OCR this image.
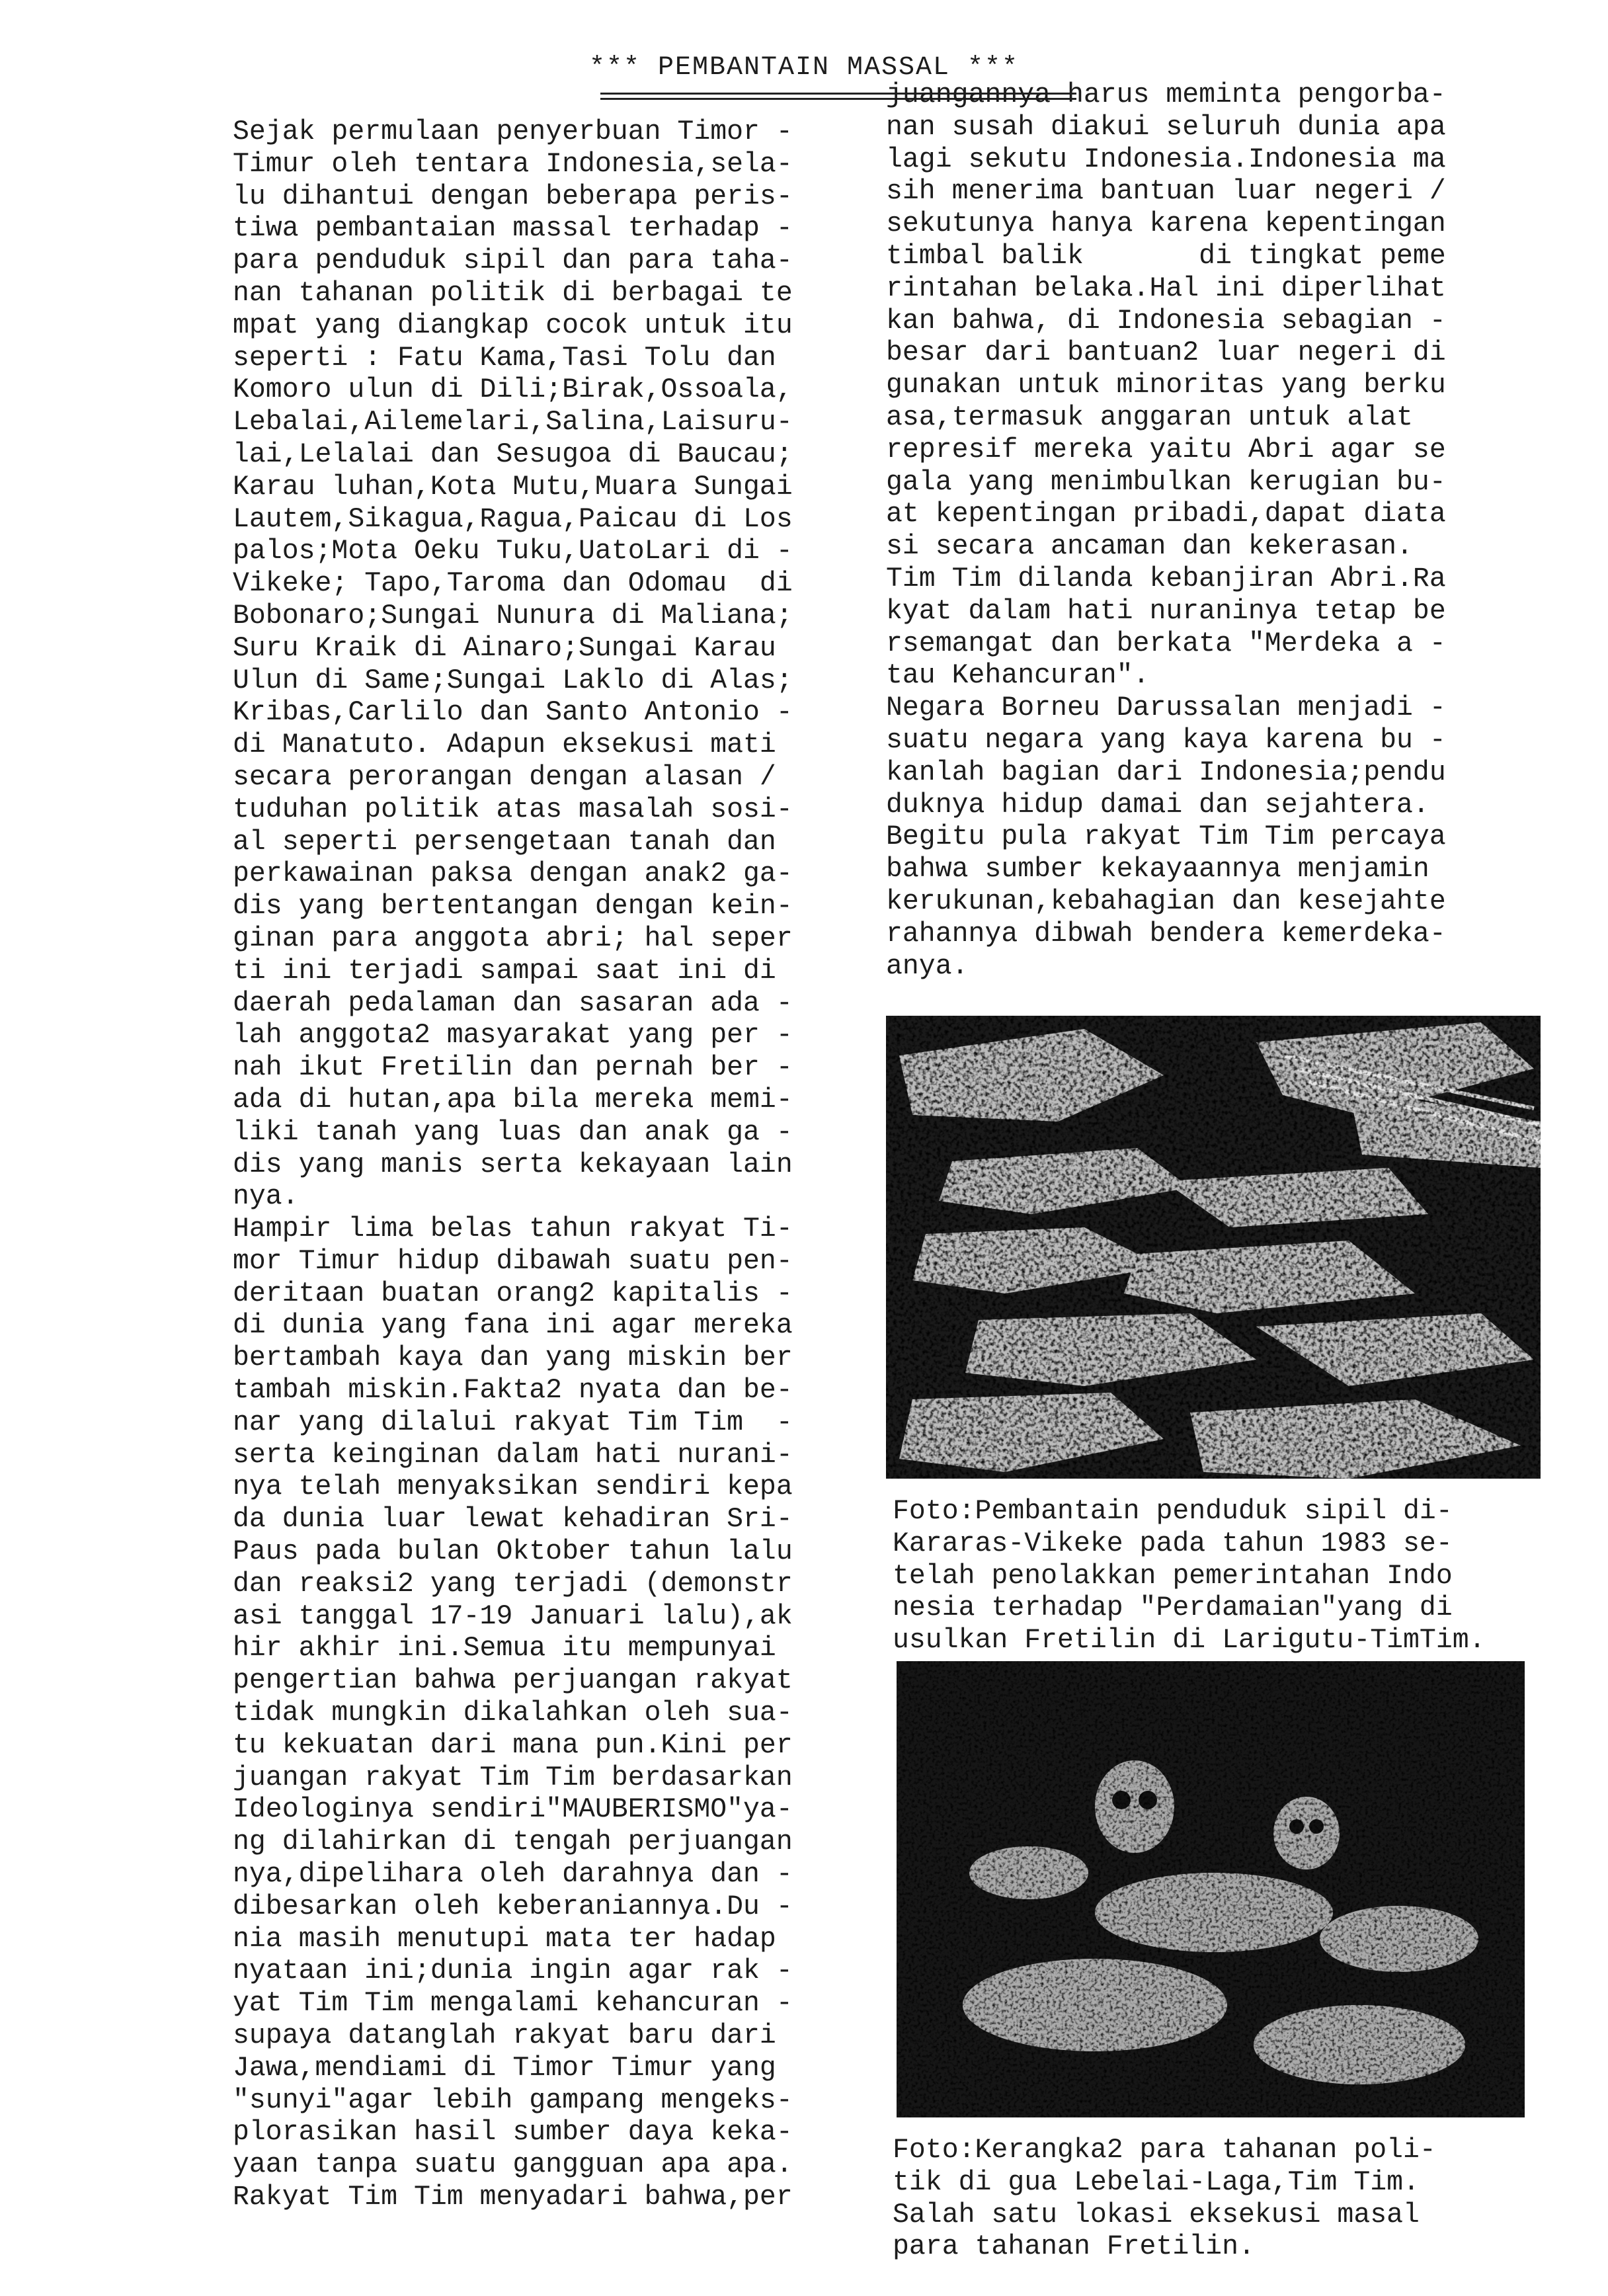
*** PEMBANTAIN MASSAL ***
Sejak permulaan penyerbuan Timor -
Timur oleh tentara Indonesia,sela-
lu dihantui dengan beberapa peris-
tiwa pembantaian massal terhadap -
para penduduk sipil dan para taha-
nan tahanan politik di berbagai te
mpat yang diangkap cocok untuk itu
seperti : Fatu Kama,Tasi Tolu dan
Komoro ulun di Dili;Birak,Ossoala,
Lebalai,Ailemelari,Salina,Laisuru-
lai,Lelalai dan Sesugoa di Baucau;
Karau luhan,Kota Mutu,Muara Sungai
Lautem,Sikagua,Ragua,Paicau di Los
palos;Mota Oeku Tuku,UatoLari di -
Vikeke; Tapo,Taroma dan Odomau  di
Bobonaro;Sungai Nunura di Maliana;
Suru Kraik di Ainaro;Sungai Karau
Ulun di Same;Sungai Laklo di Alas;
Kribas,Carlilo dan Santo Antonio -
di Manatuto. Adapun eksekusi mati
secara perorangan dengan alasan /
tuduhan politik atas masalah sosi-
al seperti persengetaan tanah dan
perkawainan paksa dengan anak2 ga-
dis yang bertentangan dengan kein-
ginan para anggota abri; hal seper
ti ini terjadi sampai saat ini di
daerah pedalaman dan sasaran ada -
lah anggota2 masyarakat yang per -
nah ikut Fretilin dan pernah ber -
ada di hutan,apa bila mereka memi-
liki tanah yang luas dan anak ga -
dis yang manis serta kekayaan lain
nya.
Hampir lima belas tahun rakyat Ti-
mor Timur hidup dibawah suatu pen-
deritaan buatan orang2 kapitalis -
di dunia yang fana ini agar mereka
bertambah kaya dan yang miskin ber
tambah miskin.Fakta2 nyata dan be-
nar yang dilalui rakyat Tim Tim  -
serta keinginan dalam hati nurani-
nya telah menyaksikan sendiri kepa
da dunia luar lewat kehadiran Sri-
Paus pada bulan Oktober tahun lalu
dan reaksi2 yang terjadi (demonstr
asi tanggal 17-19 Januari lalu),ak
hir akhir ini.Semua itu mempunyai
pengertian bahwa perjuangan rakyat
tidak mungkin dikalahkan oleh sua-
tu kekuatan dari mana pun.Kini per
juangan rakyat Tim Tim berdasarkan
Ideologinya sendiri"MAUBERISMO"ya-
ng dilahirkan di tengah perjuangan
nya,dipelihara oleh darahnya dan -
dibesarkan oleh keberaniannya.Du -
nia masih menutupi mata ter hadap
nyataan ini;dunia ingin agar rak -
yat Tim Tim mengalami kehancuran -
supaya datanglah rakyat baru dari
Jawa,mendiami di Timor Timur yang
"sunyi"agar lebih gampang mengeks-
plorasikan hasil sumber daya keka-
yaan tanpa suatu gangguan apa apa.
Rakyat Tim Tim menyadari bahwa,per
juangannya harus meminta pengorba-
nan susah diakui seluruh dunia apa
lagi sekutu Indonesia.Indonesia ma
sih menerima bantuan luar negeri /
sekutunya hanya karena kepentingan
timbal balik       di tingkat peme
rintahan belaka.Hal ini diperlihat
kan bahwa, di Indonesia sebagian -
besar dari bantuan2 luar negeri di
gunakan untuk minoritas yang berku
asa,termasuk anggaran untuk alat
represif mereka yaitu Abri agar se
gala yang menimbulkan kerugian bu-
at kepentingan pribadi,dapat diata
si secara ancaman dan kekerasan.
Tim Tim dilanda kebanjiran Abri.Ra
kyat dalam hati nuraninya tetap be
rsemangat dan berkata "Merdeka a -
tau Kehancuran".
Negara Borneu Darussalan menjadi -
suatu negara yang kaya karena bu -
kanlah bagian dari Indonesia;pendu
duknya hidup damai dan sejahtera.
Begitu pula rakyat Tim Tim percaya
bahwa sumber kekayaannya menjamin
kerukunan,kebahagian dan kesejahte
rahannya dibwah bendera kemerdeka-
anya.
Foto:Pembantain penduduk sipil di-
Kararas-Vikeke pada tahun 1983 se-
telah penolakkan pemerintahan Indo
nesia terhadap "Perdamaian"yang di
usulkan Fretilin di Larigutu-TimTim.
Foto:Kerangka2 para tahanan poli-
tik di gua Lebelai-Laga,Tim Tim.
Salah satu lokasi eksekusi masal
para tahanan Fretilin.
